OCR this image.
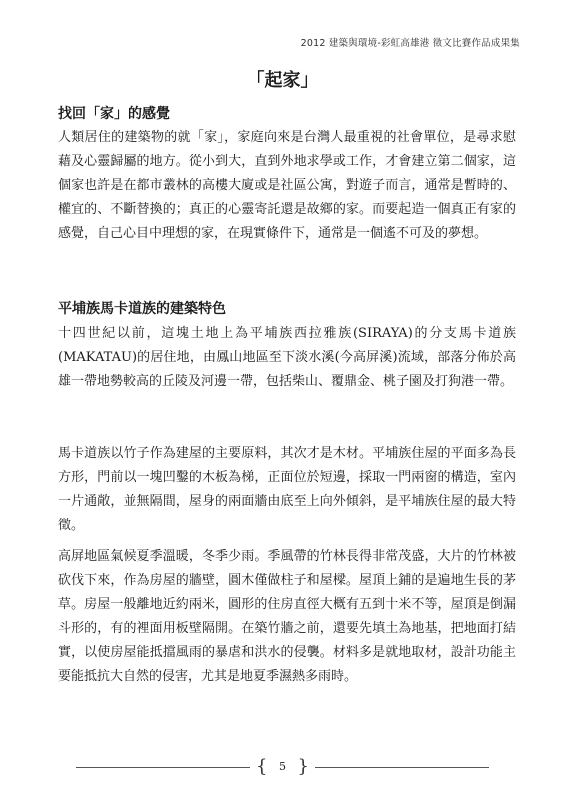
2012 建築與環境-彩虹高雄港 徵文比賽作品成果集
「起家」
找回「家」的感覺

人類居住的建築物的就「家」，家庭向來是台灣人最重視的社會單位，是尋求慰藉及心靈歸屬的地方。從小到大，直到外地求學或工作，才會建立第二個家，這個家也許是在都市叢林的高樓大廈或是社區公寓，對遊子而言，通常是暫時的、權宜的、不斷替換的；真正的心靈寄託還是故鄉的家。而要起造一個真正有家的感覺，自己心目中理想的家，在現實條件下，通常是一個遙不可及的夢想。

平埔族馬卡道族的建築特色

十四世紀以前，這塊土地上為平埔族西拉雅族(SIRAYA)的分支馬卡道族(MAKATAU)的居住地，由鳳山地區至下淡水溪(今高屏溪)流域，部落分佈於高雄一帶地勢較高的丘陵及河邊一帶，包括柴山、覆鼎金、桃子園及打狗港一帶。

馬卡道族以竹子作為建屋的主要原料，其次才是木材。平埔族住屋的平面多為長方形，門前以一塊凹鑿的木板為梯，正面位於短邊，採取一門兩窗的構造，室內一片通敞，並無隔間，屋身的兩面牆由底至上向外傾斜，是平埔族住屋的最大特徵。

高屏地區氣候夏季溫暖，冬季少雨。季風帶的竹林長得非常茂盛，大片的竹林被砍伐下來，作為房屋的牆壁，圓木僅做柱子和屋樑。屋頂上鋪的是遍地生長的茅草。房屋一般離地近約兩米，圓形的住房直徑大概有五到十米不等，屋頂是倒漏斗形的，有的裡面用板壁隔開。在築竹牆之前，還要先填土為地基，把地面打結實，以使房屋能抵擋風雨的暴虐和洪水的侵襲。材料多是就地取材，設計功能主要能抵抗大自然的侵害，尤其是地夏季濕熱多雨時。

{ }
5
